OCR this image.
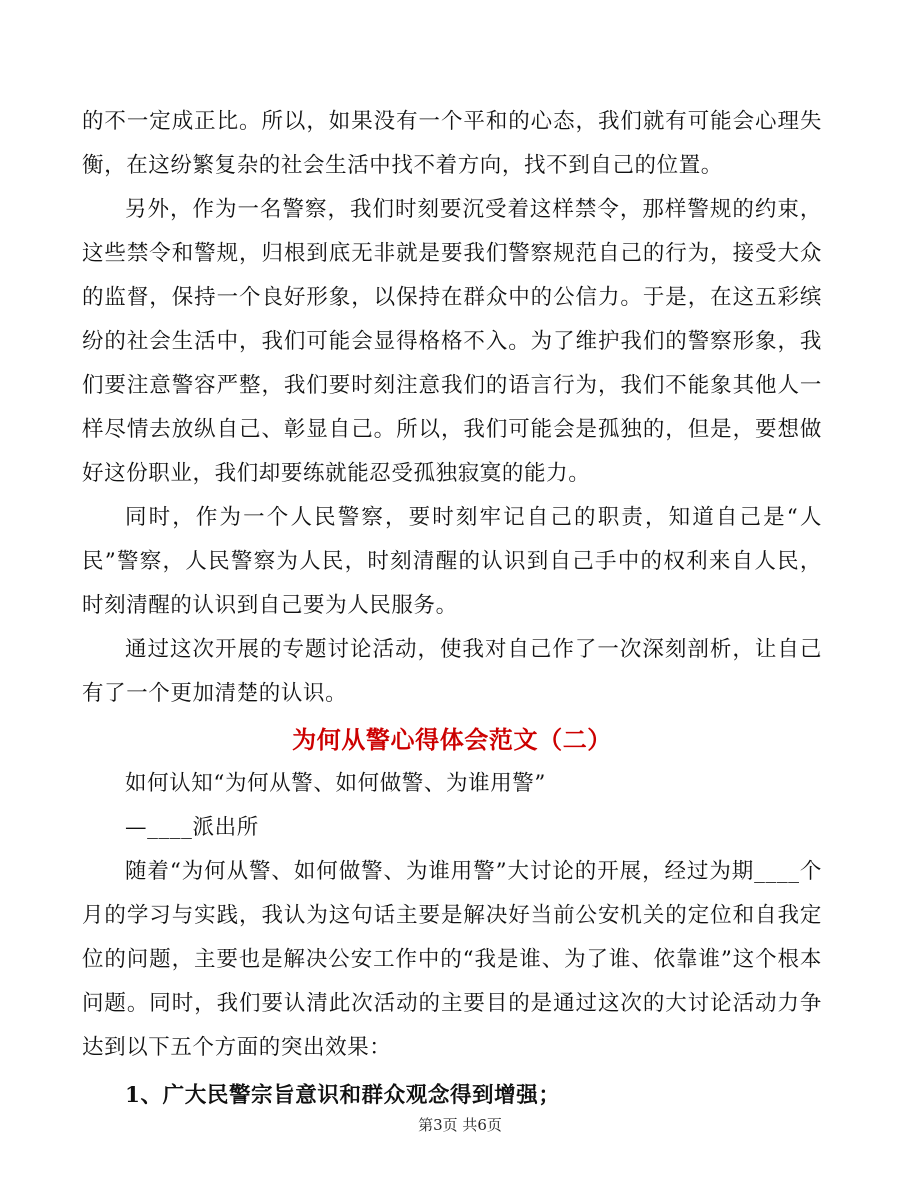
的不一定成正比。所以，如果没有一个平和的心态，我们就有可能会心理失衡，在这纷繁复杂的社会生活中找不着方向，找不到自己的位置。

另外，作为一名警察，我们时刻要沉受着这样禁令，那样警规的约束，这些禁令和警规，归根到底无非就是要我们警察规范自己的行为，接受大众的监督，保持一个良好形象，以保持在群众中的公信力。于是，在这五彩缤纷的社会生活中，我们可能会显得格格不入。为了维护我们的警察形象，我们要注意警容严整，我们要时刻注意我们的语言行为，我们不能象其他人一样尽情去放纵自己、彰显自己。所以，我们可能会是孤独的，但是，要想做好这份职业，我们却要练就能忍受孤独寂寞的能力。

同时，作为一个人民警察，要时刻牢记自己的职责，知道自己是“人民”警察，人民警察为人民，时刻清醒的认识到自己手中的权利来自人民，时刻清醒的认识到自己要为人民服务。

通过这次开展的专题讨论活动，使我对自己作了一次深刻剖析，让自己有了一个更加清楚的认识。

为何从警心得体会范文（二）

如何认知“为何从警、如何做警、为谁用警”

—____派出所

随着“为何从警、如何做警、为谁用警”大讨论的开展，经过为期____个月的学习与实践，我认为这句话主要是解决好当前公安机关的定位和自我定位的问题，主要也是解决公安工作中的“我是谁、为了谁、依靠谁”这个根本问题。同时，我们要认清此次活动的主要目的是通过这次的大讨论活动力争达到以下五个方面的突出效果：

1、广大民警宗旨意识和群众观念得到增强；

第3页 共6页
